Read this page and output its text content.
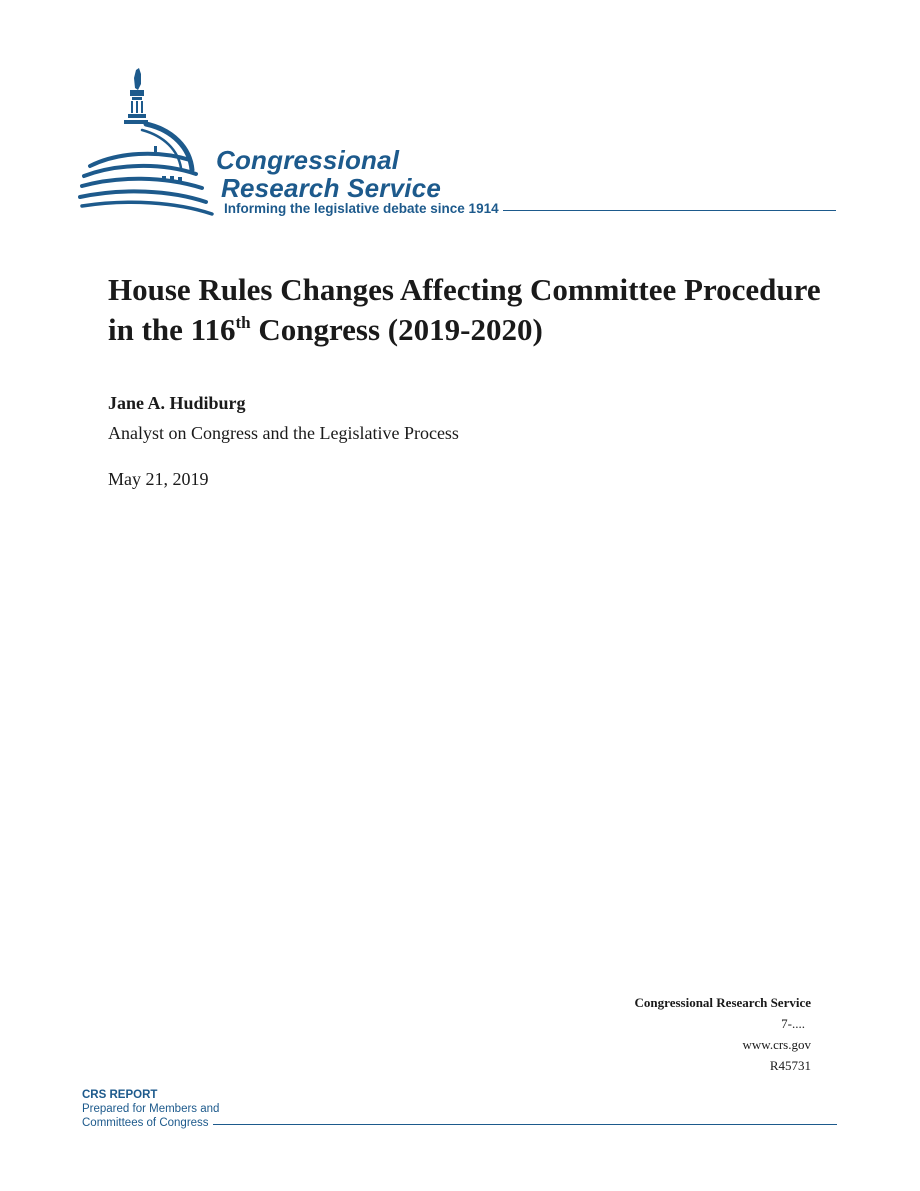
Congressional
Research Service
Informing the legislative debate since 1914
House Rules Changes Affecting Committee Procedure in the 116th Congress (2019-2020)
Jane A. Hudiburg
Analyst on Congress and the Legislative Process
May 21, 2019
Congressional Research Service
7-....
www.crs.gov
R45731
CRS REPORT
Prepared for Members and
Committees of Congress
